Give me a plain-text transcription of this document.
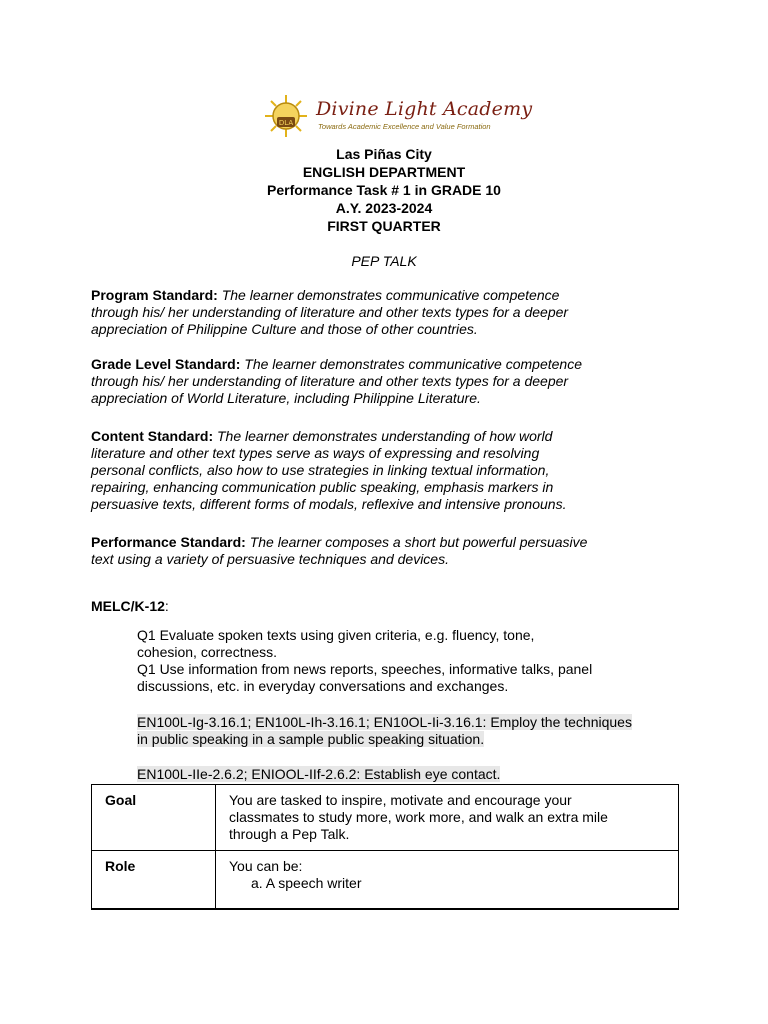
DLA
Divine Light Academy
Towards Academic Excellence and Value Formation
Las Piñas City
ENGLISH DEPARTMENT
Performance Task # 1 in GRADE 10
A.Y. 2023-2024
FIRST QUARTER
PEP TALK
Program Standard: The learner demonstrates communicative competence
through his/ her understanding of literature and other texts types for a deeper
appreciation of Philippine Culture and those of other countries.
Grade Level Standard: The learner demonstrates communicative competence
through his/ her understanding of literature and other texts types for a deeper
appreciation of World Literature, including Philippine Literature.
Content Standard: The learner demonstrates understanding of how world
literature and other text types serve as ways of expressing and resolving
personal conflicts, also how to use strategies in linking textual information,
repairing, enhancing communication public speaking, emphasis markers in
persuasive texts, different forms of modals, reflexive and intensive pronouns.
Performance Standard: The learner composes a short but powerful persuasive
text using a variety of persuasive techniques and devices.
MELC/K-12:
Q1 Evaluate spoken texts using given criteria, e.g. fluency, tone,
cohesion, correctness.
Q1 Use information from news reports, speeches, informative talks, panel
discussions, etc. in everyday conversations and exchanges.
EN100L-Ig-3.16.1; EN100L-Ih-3.16.1; EN10OL-Ii-3.16.1: Employ the techniques
in public speaking in a sample public speaking situation.
EN100L-IIe-2.6.2; ENIOOL-IIf-2.6.2: Establish eye contact.
Goal	You are tasked to inspire, motivate and encourage your
classmates to study more, work more, and walk an extra mile
through a Pep Talk.

Role	You can be:
a. A speech writer
